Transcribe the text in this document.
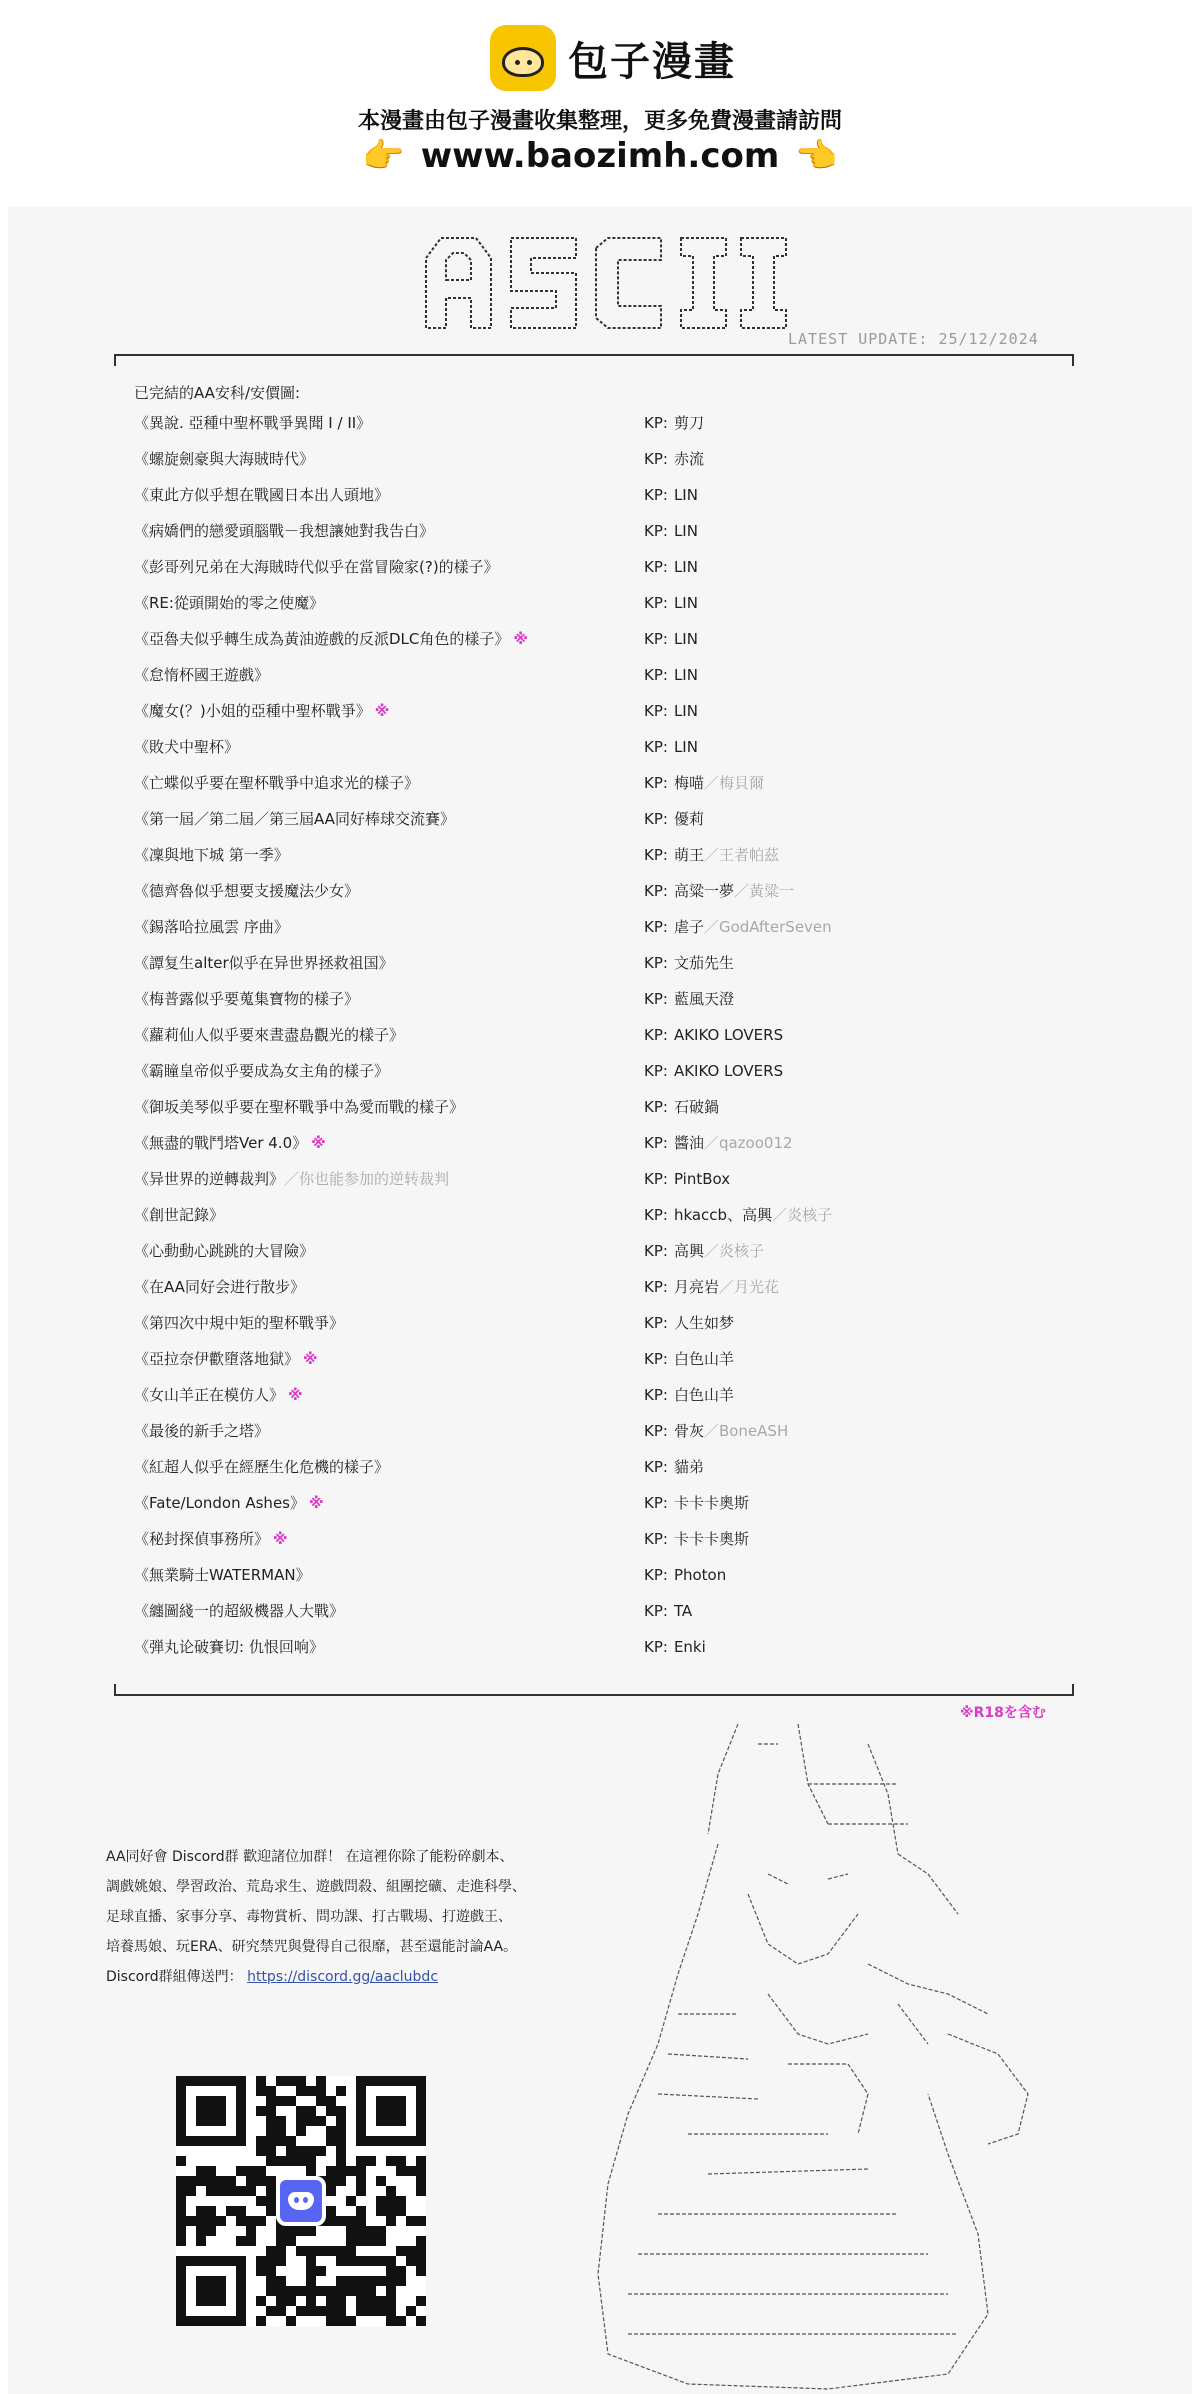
包子漫畫
本漫畫由包子漫畫收集整理，更多免費漫畫請訪問
👉 www.baozimh.com 👈
LATEST UPDATE: 25/12/2024
已完結的AA安科/安價圖:
《異說. 亞種中聖杯戰爭異聞 I / II》	KP: 剪刀
《螺旋劍豪與大海賊時代》	KP: 赤流
《東此方似乎想在戰國日本出人頭地》	KP: LIN
《病嬌們的戀愛頭腦戰－我想讓她對我告白》	KP: LIN
《彭哥列兄弟在大海賊時代似乎在當冒險家(?)的樣子》	KP: LIN
《RE:從頭開始的零之使魔》	KP: LIN
《亞魯夫似乎轉生成為黃油遊戲的反派DLC角色的樣子》 ※	KP: LIN
《怠惰杯國王遊戲》	KP: LIN
《魔女(？)小姐的亞種中聖杯戰爭》 ※	KP: LIN
《敗犬中聖杯》	KP: LIN
《亡蝶似乎要在聖杯戰爭中追求光的樣子》	KP: 梅喵／梅貝爾
《第一屆／第二屆／第三屆AA同好棒球交流賽》	KP: 優莉
《凜與地下城 第一季》	KP: 萌王／王者帕茲
《德齊魯似乎想要支援魔法少女》	KP: 高粱一夢／黃粱一
《錫落哈拉風雲 序曲》	KP: 虐子／GodAfterSeven
《譚复生alter似乎在异世界拯救祖国》	KP: 文茄先生
《梅普露似乎要蒐集寶物的樣子》	KP: 藍風天澄
《蘿莉仙人似乎要來晝盡島觀光的樣子》	KP: AKIKO LOVERS
《霸瞳皇帝似乎要成為女主角的樣子》	KP: AKIKO LOVERS
《御坂美琴似乎要在聖杯戰爭中為愛而戰的樣子》	KP: 石破鍋
《無盡的戰鬥塔Ver 4.0》 ※	KP: 醬油／qazoo012
《异世界的逆轉裁判》／你也能参加的逆转裁判	KP: PintBox
《創世記錄》	KP: hkaccb、高興／炎核子
《心動動心跳跳的大冒險》	KP: 高興／炎核子
《在AA同好会进行散步》	KP: 月亮岩／月光花
《第四次中規中矩的聖杯戰爭》	KP: 人生如梦
《亞拉奈伊歡墮落地獄》 ※	KP: 白色山羊
《女山羊正在模仿人》 ※	KP: 白色山羊
《最後的新手之塔》	KP: 骨灰／BoneASH
《紅超人似乎在經歷生化危機的樣子》	KP: 貓弟
《Fate/London Ashes》 ※	KP: 卡卡卡奧斯
《秘封探偵事務所》 ※	KP: 卡卡卡奧斯
《無業騎士WATERMAN》	KP: Photon
《纏圖綫一的超級機器人大戰》	KP: TA
《弾丸论破賽切: 仇恨回响》	KP: Enki
※R18を含む
AA同好會 Discord群 歡迎諸位加群！ 在這裡你除了能粉碎劇本、
調戲姚娘、學習政治、荒島求生、遊戲問殺、組團挖礦、走進科學、
足球直播、家事分享、毒物賞析、問功課、打古戰場、打遊戲王、
培養馬娘、玩ERA、研究禁咒與覺得自己很靡，甚至還能討論AA。
Discord群組傳送門： https://discord.gg/aaclubdc
